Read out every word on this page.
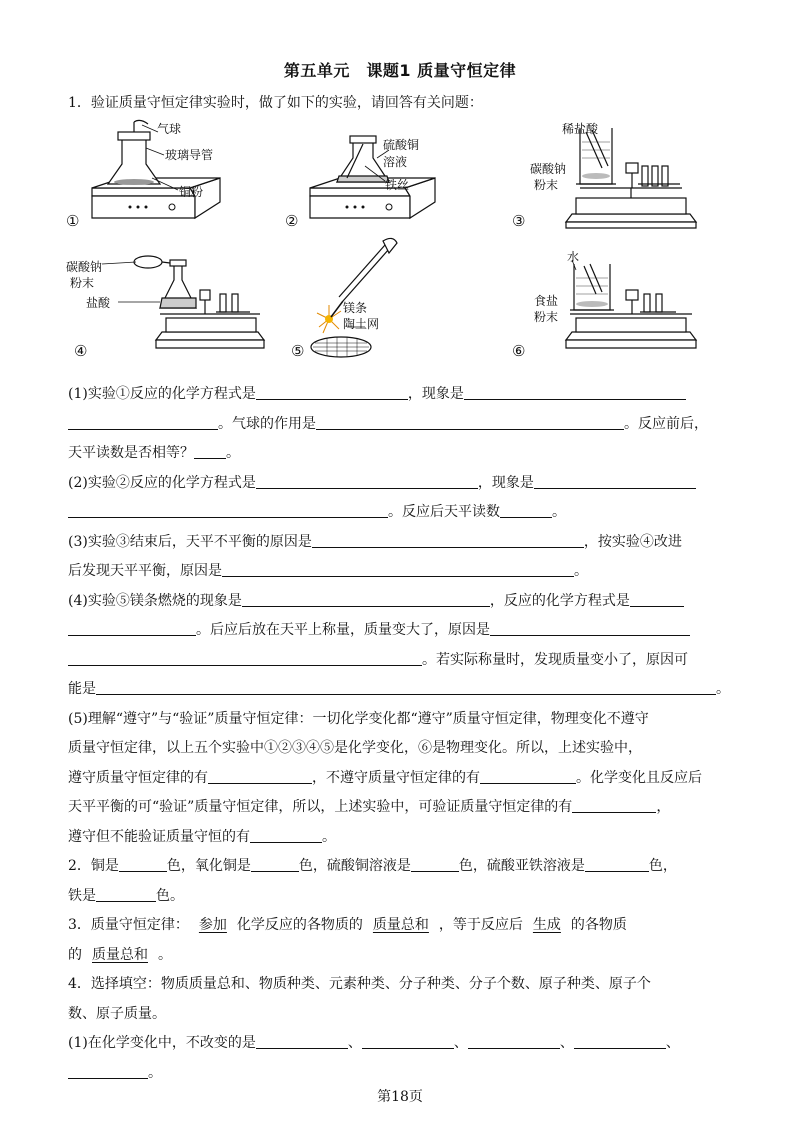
第五单元　课题1 质量守恒定律
1．验证质量守恒定律实验时，做了如下的实验，请回答有关问题：
气球
玻璃导管
铜粉
①
硫酸铜
溶液
铁丝
②
稀盐酸
碳酸钠
粉末
③
碳酸钠
粉末
盐酸
④
镁条
陶土网
⑤
水
食盐
粉末
⑥

(1)实验①反应的化学方程式是	，现象是

。气球的作用是	。反应前后，

天平读数是否相等？ 。

(2)实验②反应的化学方程式是	，现象是

。反应后天平读数	。

(3)实验③结束后，天平不平衡的原因是	，按实验④改进

后发现天平平衡，原因是	。

(4)实验⑤镁条燃烧的现象是	，反应的化学方程式是

。后应后放在天平上称量，质量变大了，原因是

。若实际称量时，发现质量变小了，原因可

能是	。

(5)理解“遵守”与“验证”质量守恒定律：一切化学变化都“遵守”质量守恒定律，物理变化不遵守

质量守恒定律，以上五个实验中①②③④⑤是化学变化，⑥是物理变化。所以，上述实验中，

遵守质量守恒定律的有	，不遵守质量守恒定律的有	。化学变化且反应后

天平平衡的可“验证”质量守恒定律，所以，上述实验中，可验证质量守恒定律的有	，

遵守但不能验证质量守恒的有	。

2．铜是	色，氧化铜是	色，硫酸铜溶液是	色，硫酸亚铁溶液是	色，

铁是	色。

3．质量守恒定律： 参加 化学反应的各物质的 质量总和 ，等于反应后 生成 的各物质

的 质量总和 。

4．选择填空：物质质量总和、物质种类、元素种类、分子种类、分子个数、原子种类、原子个

数、原子质量。

(1)在化学变化中，不改变的是	、	、	、	、

。

第18页
